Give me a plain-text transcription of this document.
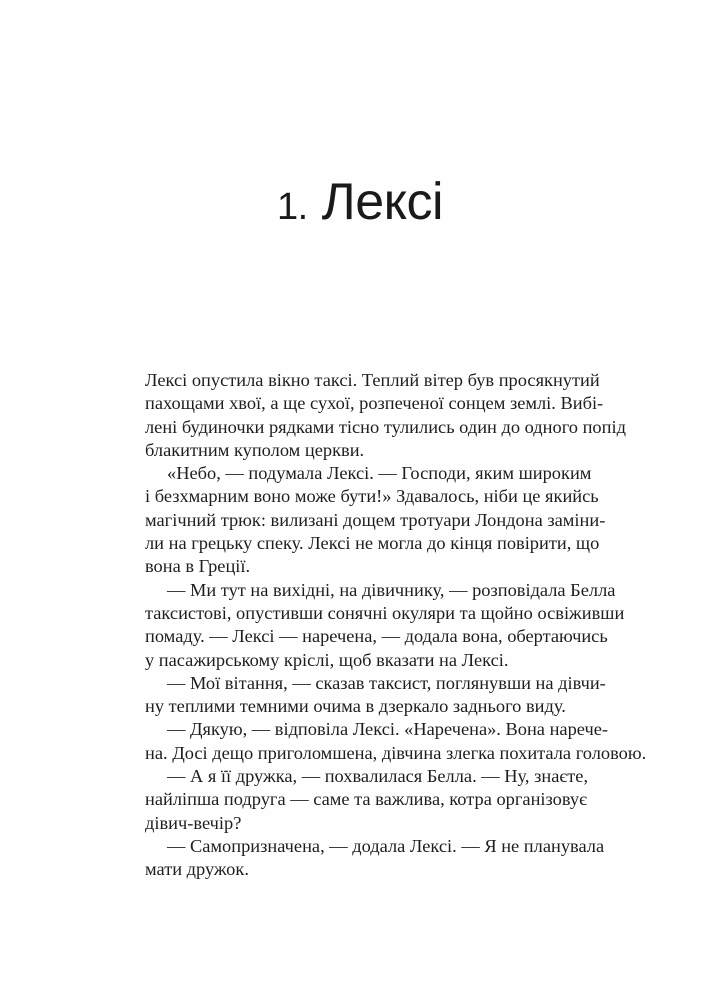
1. Лексі

Лексі опустила вікно таксі. Теплий вітер був просякнутий
пахощами хвої, а ще сухої, розпеченої сонцем землі. Вибі-
лені будиночки рядками тісно тулились один до одного попід
блакитним куполом церкви.

«Небо, — подумала Лексі. — Господи, яким широким
і безхмарним воно може бути!» Здавалось, ніби це якийсь
магічний трюк: вилизані дощем тротуари Лондона заміни-
ли на грецьку спеку. Лексі не могла до кінця повірити, що
вона в Греції.

— Ми тут на вихідні, на дівичнику, — розповідала Белла
таксистові, опустивши сонячні окуляри та щойно освіживши
помаду. — Лексі — наречена, — додала вона, обертаючись
у пасажирському кріслі, щоб вказати на Лексі.

— Мої вітання, — сказав таксист, поглянувши на дівчи-
ну теплими темними очима в дзеркало заднього виду.

— Дякую, — відповіла Лексі. «Наречена». Вона нарече-
на. Досі дещо приголомшена, дівчина злегка похитала головою.

— А я її дружка, — похвалилася Белла. — Ну, знаєте,
найліпша подруга — саме та важлива, котра організовує
дівич-вечір?

— Самопризначена, — додала Лексі. — Я не планувала
мати дружок.
